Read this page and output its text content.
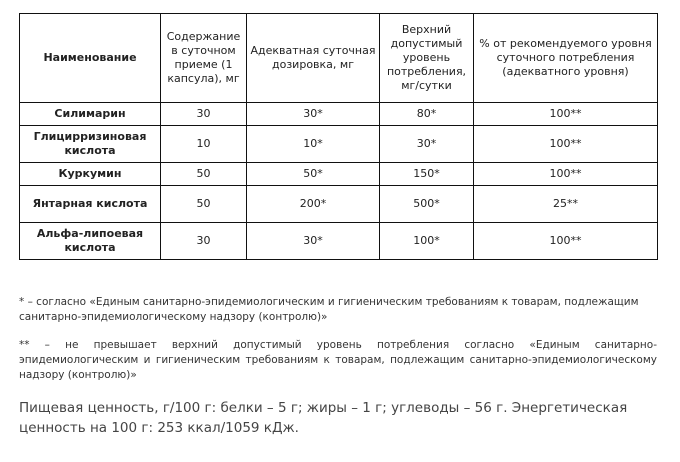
Наименование	Содержание в суточном приеме (1 капсула), мг	Адекватная суточная дозировка, мг	Верхний допустимый уровень потребления, мг/сутки	% от рекомендуемого уровня суточного потребления (адекватного уровня)
Силимарин	30	30*	80*	100**
Глицирризиновая кислота	10	10*	30*	100**
Куркумин	50	50*	150*	100**
Янтарная кислота	50	200*	500*	25**
Альфа-липоевая кислота	30	30*	100*	100**
* – согласно «Единым санитарно-эпидемиологическим и гигиеническим требованиям к товарам, подлежащим санитарно-эпидемиологическому надзору (контролю)»
** – не превышает верхний допустимый уровень потребления согласно «Единым санитарно-эпидемиологическим и гигиеническим требованиям к товарам, подлежащим санитарно-эпидемиологическому надзору (контролю)»
Пищевая ценность, г/100 г: белки – 5 г; жиры – 1 г; углеводы – 56 г. Энергетическая ценность на 100 г: 253 ккал/1059 кДж.
